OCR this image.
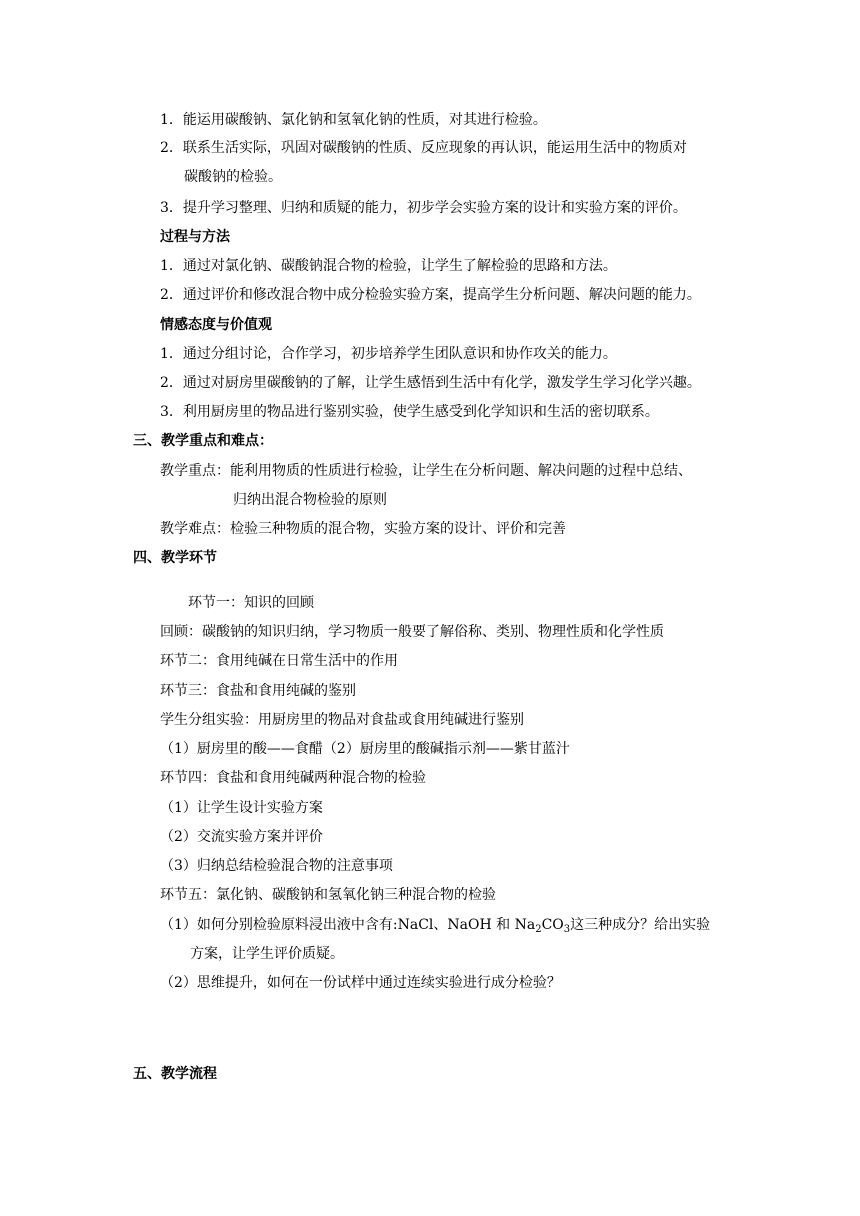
1．能运用碳酸钠、氯化钠和氢氧化钠的性质，对其进行检验。
2．联系生活实际，巩固对碳酸钠的性质、反应现象的再认识，能运用生活中的物质对
碳酸钠的检验。
3．提升学习整理、归纳和质疑的能力，初步学会实验方案的设计和实验方案的评价。
过程与方法
1．通过对氯化钠、碳酸钠混合物的检验，让学生了解检验的思路和方法。
2．通过评价和修改混合物中成分检验实验方案，提高学生分析问题、解决问题的能力。
情感态度与价值观
1．通过分组讨论，合作学习，初步培养学生团队意识和协作攻关的能力。
2．通过对厨房里碳酸钠的了解，让学生感悟到生活中有化学，激发学生学习化学兴趣。
3．利用厨房里的物品进行鉴别实验，使学生感受到化学知识和生活的密切联系。
三、教学重点和难点：
教学重点：能利用物质的性质进行检验，让学生在分析问题、解决问题的过程中总结、
归纳出混合物检验的原则
教学难点：检验三种物质的混合物，实验方案的设计、评价和完善
四、教学环节
环节一：知识的回顾
回顾：碳酸钠的知识归纳，学习物质一般要了解俗称、类别、物理性质和化学性质
环节二：食用纯碱在日常生活中的作用
环节三：食盐和食用纯碱的鉴别
学生分组实验：用厨房里的物品对食盐或食用纯碱进行鉴别
（1）厨房里的酸——食醋（2）厨房里的酸碱指示剂——紫甘蓝汁
环节四：食盐和食用纯碱两种混合物的检验
（1）让学生设计实验方案
（2）交流实验方案并评价
（3）归纳总结检验混合物的注意事项
环节五：氯化钠、碳酸钠和氢氧化钠三种混合物的检验
（1）如何分别检验原料浸出液中含有:NaCl、NaOH 和 $Na_2CO_3$这三种成分？给出实验
方案，让学生评价质疑。
（2）思维提升，如何在一份试样中通过连续实验进行成分检验？
五、教学流程
